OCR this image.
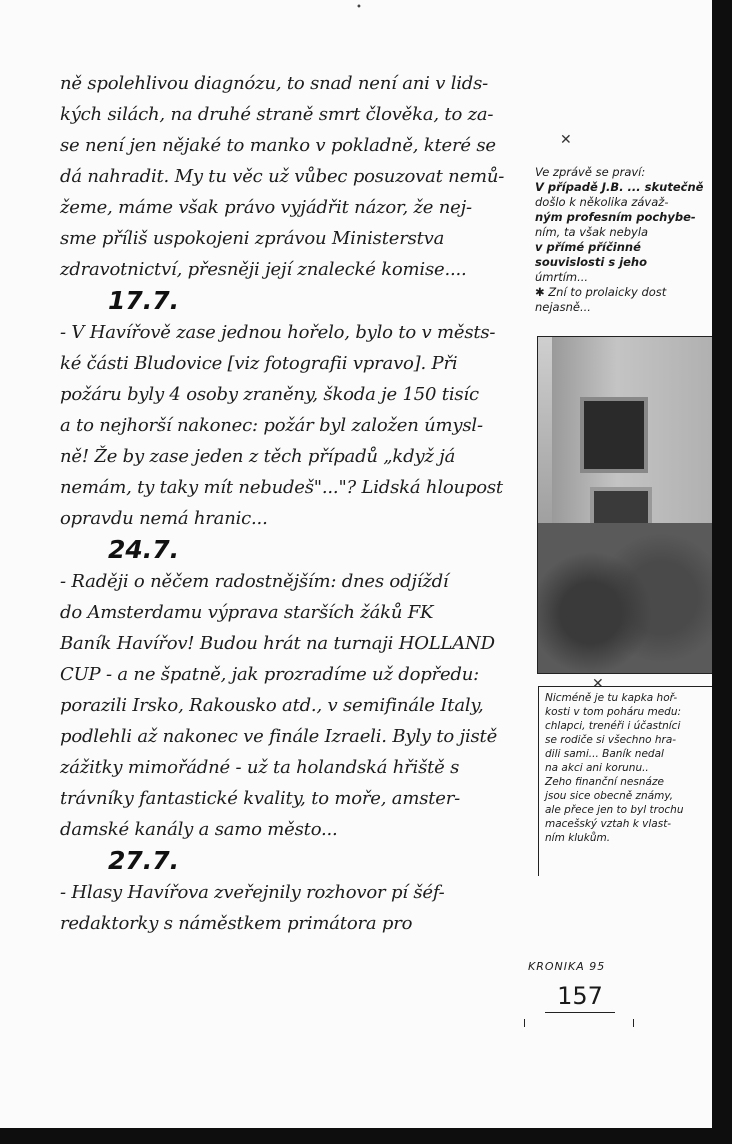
•
ně spolehlivou diagnózu, to snad není ani v lids-
kých silách, na druhé straně smrt člověka, to za-
se není jen nějaké to manko v pokladně, které se
dá nahradit. My tu věc už vůbec posuzovat nemů-
žeme, máme však právo vyjádřit názor, že nej-
sme příliš uspokojeni zprávou Ministerstva
zdravotnictví, přesněji její znalecké komise....
17.7.
- V Havířově zase jednou hořelo, bylo to v městs-
ké části Bludovice [viz fotografii vpravo]. Při
požáru byly 4 osoby zraněny, škoda je 150 tisíc
a to nejhorší nakonec: požár byl založen úmysl-
ně! Že by zase jeden z těch případů „když já
nemám, ty taky mít nebudeš"..."? Lidská hloupost
opravdu nemá hranic...
24.7.
- Raději o něčem radostnějším: dnes odjíždí
do Amsterdamu výprava starších žáků FK
Baník Havířov! Budou hrát na turnaji HOLLAND
CUP - a ne špatně, jak prozradíme už dopředu:
porazili Irsko, Rakousko atd., v semifinále Italy,
podlehli až nakonec ve finále Izraeli. Byly to jistě
zážitky mimořádné - už ta holandská hřiště s
trávníky fantastické kvality, to moře, amster-
damské kanály a samo město...
27.7.
- Hlasy Havířova zveřejnily rozhovor pí šéf-
redaktorky s náměstkem primátora pro
✕
Ve zprávě se praví:
V případě J.B. ... skutečně
došlo k několika závaž-
ným profesním pochybe-
ním, ta však nebyla
v přímé příčinné
souvislosti s jeho
úmrtím...
✱ Zní to prolaicky dost
nejasně...
✕
Nicméně je tu kapka hoř-
kosti v tom poháru medu:
chlapci, trenéři i účastníci
se rodiče si všechno hra-
dili sami... Baník nedal
na akci ani korunu..
Zeho finanční nesnáze
jsou sice obecně známy,
ale přece jen to byl trochu
macešský vztah k vlast-
ním klukům.
KRONIKA 95
157
